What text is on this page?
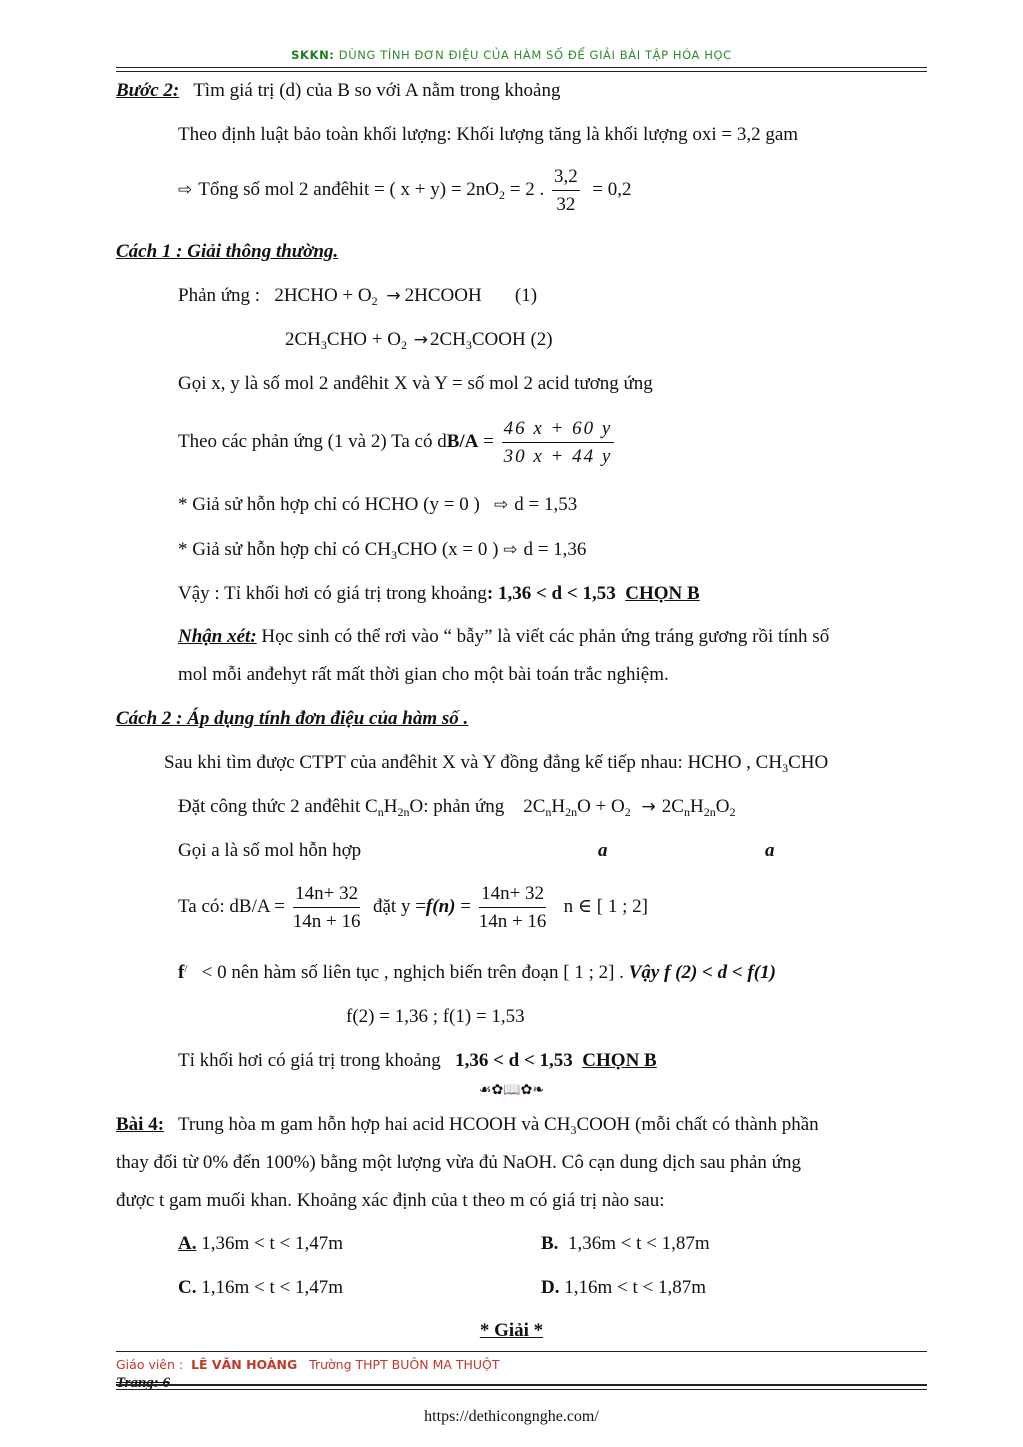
SKKN: DÙNG TÍNH ĐƠN ĐIỆU CỦA HÀM SỐ ĐỂ GIẢI BÀI TẬP HÓA HỌC
Bước 2: Tìm giá trị (d) của B so với A nằm trong khoảng
Theo định luật bảo toàn khối lượng: Khối lượng tăng là khối lượng oxi = 3,2 gam
⇨ Tổng số mol 2 anđêhit = ( $x + y) = 2nO_2 = 2$ . $\frac{3,2}{32} = 0,2$
Cách 1 : Giải thông thường.
Phản ứng : 2HCHO + $O_2$ → 2HCOOH (1)
$2CH_3CHO + O_2$ → $2CH_3COOH$ (2)
Gọi x, y là số mol 2 anđêhit X và Y = số mol 2 acid tương ứng
Theo các phản ứng (1 và 2) Ta có $dB/A = \frac{46 x + 60 y}{30 x + 44 y}$
* Giả sử hỗn hợp chỉ có HCHO (y = 0 ) ⇨ d = 1,53
* Giả sử hỗn hợp chỉ có $CH_3CHO$ (x = 0 ) ⇨ d = 1,36
Vậy : Tỉ khối hơi có giá trị trong khoảng: 1,36 < d < 1,53 CHỌN B
Nhận xét: Học sinh có thể rơi vào “ bẫy” là viết các phản ứng tráng gương rồi tính số
mol mỗi anđehyt rất mất thời gian cho một bài toán trắc nghiệm.
Cách 2 : Áp dụng tính đơn điệu của hàm số .
Sau khi tìm được CTPT của anđêhit X và Y đồng đẳng kế tiếp nhau: HCHO , $CH_3CHO$
Đặt công thức 2 anđêhit $C_nH_{2n}O$: phản ứng $2C_nH_{2n}O + O_2 \to 2C_nH_{2n}O_2$
Gọi a là số mol hỗn hợp	a	a
Ta có: $dB/A = \frac{14n+ 32}{14n + 16}$ đặt $y =f(n) = \frac{14n+ 32}{14n + 16}$ n ∈ [ 1 ; 2]
f/ < 0 nên hàm số liên tục , nghịch biến trên đoạn [ 1 ; 2] . Vậy f (2) < d < f(1)
f(2) = 1,36 ; f(1) = 1,53
Tỉ khối hơi có giá trị trong khoảng 1,36 < d < 1,53 CHỌN B
☙✿📖✿❧
Bài 4: Trung hòa m gam hỗn hợp hai acid HCOOH và $CH_3COOH$ (mỗi chất có thành phần
thay đổi từ 0% đến 100%) bằng một lượng vừa đủ NaOH. Cô cạn dung dịch sau phản ứng
được t gam muối khan. Khoảng xác định của t theo m có giá trị nào sau:
A. 1,36m < t < 1,47m	B. 1,36m < t < 1,87m
C. 1,16m < t < 1,47m	D. 1,16m < t < 1,87m
* Giải *
Giáo viên : LÊ VĂN HOÀNG Trường THPT BUÔN MA THUỘT
Trang: 6
https://dethicongnghe.com/
